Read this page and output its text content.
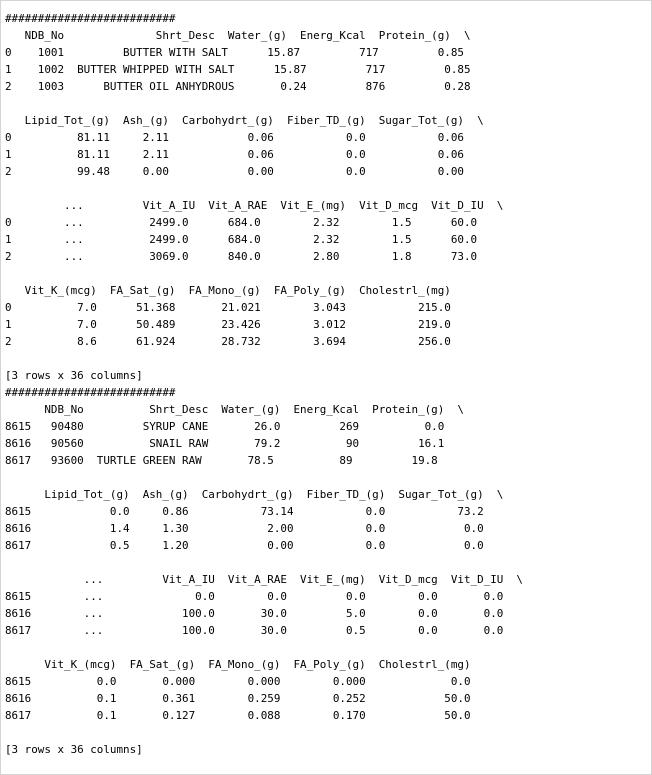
##########################
NDB_No              Shrt_Desc  Water_(g)  Energ_Kcal  Protein_(g)  \
0    1001         BUTTER WITH SALT      15.87         717         0.85
1    1002  BUTTER WHIPPED WITH SALT      15.87         717         0.85
2    1003      BUTTER OIL ANHYDROUS       0.24         876         0.28
Lipid_Tot_(g)  Ash_(g)  Carbohydrt_(g)  Fiber_TD_(g)  Sugar_Tot_(g)  \
0          81.11     2.11            0.06           0.0           0.06
1          81.11     2.11            0.06           0.0           0.06
2          99.48     0.00            0.00           0.0           0.00
...         Vit_A_IU  Vit_A_RAE  Vit_E_(mg)  Vit_D_mcg  Vit_D_IU  \
0        ...          2499.0      684.0        2.32        1.5      60.0
1        ...          2499.0      684.0        2.32        1.5      60.0
2        ...          3069.0      840.0        2.80        1.8      73.0
Vit_K_(mcg)  FA_Sat_(g)  FA_Mono_(g)  FA_Poly_(g)  Cholestrl_(mg)
0          7.0      51.368       21.021        3.043           215.0
1          7.0      50.489       23.426        3.012           219.0
2          8.6      61.924       28.732        3.694           256.0
[3 rows x 36 columns]
##########################
NDB_No          Shrt_Desc  Water_(g)  Energ_Kcal  Protein_(g)  \
8615   90480         SYRUP CANE       26.0         269          0.0
8616   90560          SNAIL RAW       79.2          90         16.1
8617   93600  TURTLE GREEN RAW       78.5          89         19.8
Lipid_Tot_(g)  Ash_(g)  Carbohydrt_(g)  Fiber_TD_(g)  Sugar_Tot_(g)  \
8615            0.0     0.86           73.14           0.0           73.2
8616            1.4     1.30            2.00           0.0            0.0
8617            0.5     1.20            0.00           0.0            0.0
...         Vit_A_IU  Vit_A_RAE  Vit_E_(mg)  Vit_D_mcg  Vit_D_IU  \
8615        ...              0.0        0.0         0.0        0.0       0.0
8616        ...            100.0       30.0         5.0        0.0       0.0
8617        ...            100.0       30.0         0.5        0.0       0.0
Vit_K_(mcg)  FA_Sat_(g)  FA_Mono_(g)  FA_Poly_(g)  Cholestrl_(mg)
8615          0.0       0.000        0.000        0.000             0.0
8616          0.1       0.361        0.259        0.252            50.0
8617          0.1       0.127        0.088        0.170            50.0
[3 rows x 36 columns]
